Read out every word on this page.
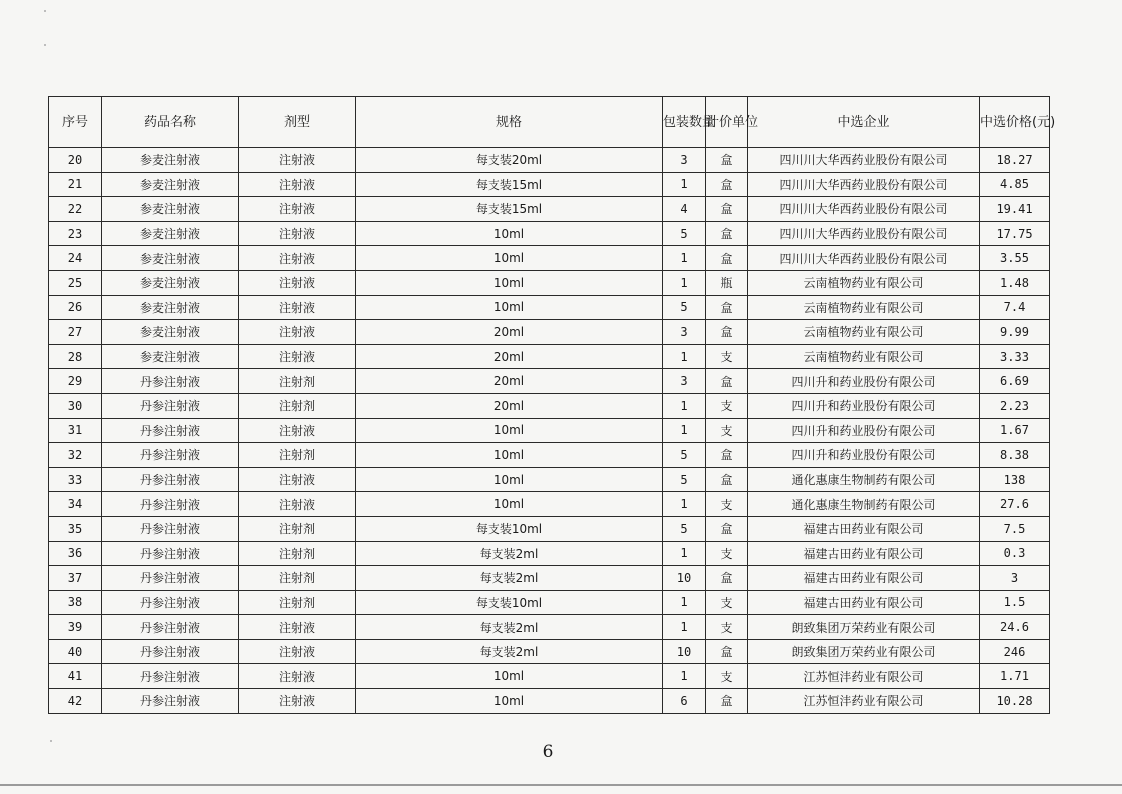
序号	药品名称	剂型	规格	包装数量	计价单位	中选企业	中选价格(元)
20	参麦注射液	注射液	每支装20ml	3	盒	四川川大华西药业股份有限公司	18.27
21	参麦注射液	注射液	每支装15ml	1	盒	四川川大华西药业股份有限公司	4.85
22	参麦注射液	注射液	每支装15ml	4	盒	四川川大华西药业股份有限公司	19.41
23	参麦注射液	注射液	10ml	5	盒	四川川大华西药业股份有限公司	17.75
24	参麦注射液	注射液	10ml	1	盒	四川川大华西药业股份有限公司	3.55
25	参麦注射液	注射液	10ml	1	瓶	云南植物药业有限公司	1.48
26	参麦注射液	注射液	10ml	5	盒	云南植物药业有限公司	7.4
27	参麦注射液	注射液	20ml	3	盒	云南植物药业有限公司	9.99
28	参麦注射液	注射液	20ml	1	支	云南植物药业有限公司	3.33
29	丹参注射液	注射剂	20ml	3	盒	四川升和药业股份有限公司	6.69
30	丹参注射液	注射剂	20ml	1	支	四川升和药业股份有限公司	2.23
31	丹参注射液	注射液	10ml	1	支	四川升和药业股份有限公司	1.67
32	丹参注射液	注射剂	10ml	5	盒	四川升和药业股份有限公司	8.38
33	丹参注射液	注射液	10ml	5	盒	通化惠康生物制药有限公司	138
34	丹参注射液	注射液	10ml	1	支	通化惠康生物制药有限公司	27.6
35	丹参注射液	注射剂	每支装10ml	5	盒	福建古田药业有限公司	7.5
36	丹参注射液	注射剂	每支装2ml	1	支	福建古田药业有限公司	0.3
37	丹参注射液	注射剂	每支装2ml	10	盒	福建古田药业有限公司	3
38	丹参注射液	注射剂	每支装10ml	1	支	福建古田药业有限公司	1.5
39	丹参注射液	注射液	每支装2ml	1	支	朗致集团万荣药业有限公司	24.6
40	丹参注射液	注射液	每支装2ml	10	盒	朗致集团万荣药业有限公司	246
41	丹参注射液	注射液	10ml	1	支	江苏恒沣药业有限公司	1.71
42	丹参注射液	注射液	10ml	6	盒	江苏恒沣药业有限公司	10.28
6
